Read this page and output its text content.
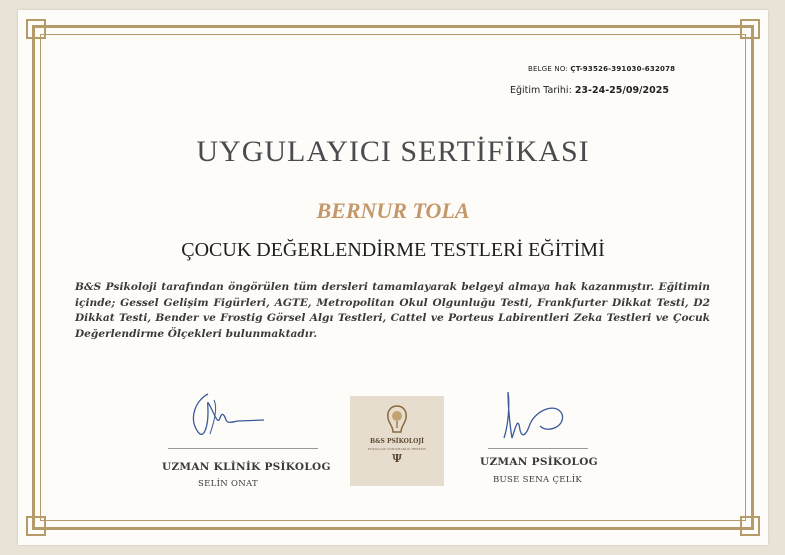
BELGE NO: ÇT-93526-391030-632078
Eğitim Tarihi: 23-24-25/09/2025
UYGULAYICI SERTİFİKASI
BERNUR TOLA
ÇOCUK DEĞERLENDİRME TESTLERİ EĞİTİMİ
B&S Psikoloji tarafından öngörülen tüm dersleri tamamlayarak belgeyi almaya hak kazanmıştır. Eğitimin içinde; Gessel Gelişim Figürleri, AGTE, Metropolitan Okul Olgunluğu Testi, Frankfurter Dikkat Testi, D2 Dikkat Testi, Bender ve Frostig Görsel Algı Testleri, Cattel ve Porteus Labirentleri Zeka Testleri ve Çocuk Değerlendirme Ölçekleri bulunmaktadır.
UZMAN KLİNİK PSİKOLOG
SELİN ONAT
B&S PSİKOLOJİ
PSİKOLOJİK DANIŞMANLIK MERKEZİ
Ψ	UZMAN PSİKOLOG
BUSE SENA ÇELİK
